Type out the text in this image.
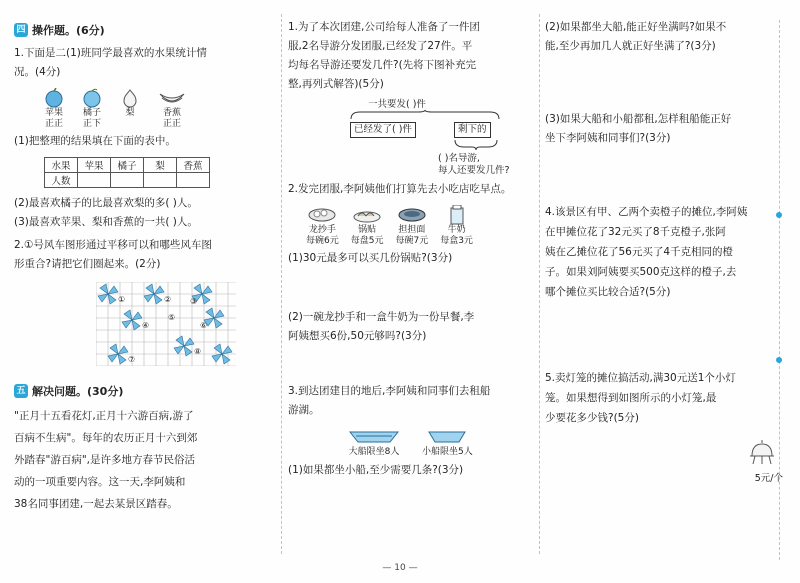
四 操作题。(6分)

1.下面是二(1)班同学最喜欢的水果统计情

况。(4分)

苹果
正正
橘子
正下
梨	香蕉
正正

(1)把整理的结果填在下面的表中。

水果	苹果	橘子	梨	香蕉
人数				

(2)最喜欢橘子的比最喜欢梨的多( )人。

(3)最喜欢苹果、梨和香蕉的一共( )人。

2.①号风车图形通过平移可以和哪些风车图

形重合?请把它们圈起来。(2分)

①	② ③
④
⑤
⑥
⑦
⑧
五 解决问题。(30分)

"正月十五看花灯,正月十六游百病,游了

百病不生病"。每年的农历正月十六到郊

外踏春"游百病",是许多地方春节民俗活

动的一项重要内容。这一天,李阿姨和

38名同事团建,一起去某景区踏春。

1.为了本次团建,公司给每人准备了一件团

服,2名导游分发团服,已经发了27件。平

均每名导游还要发几件?(先将下图补充完

整,再列式解答)(5分)

一共要发( )件
已经发了( )件	剩下的
( )名导游,
每人还要发几件?

2.发完团服,李阿姨他们打算先去小吃店吃早点。

龙抄手
每碗6元
锅贴
每盘5元
担担面
每碗7元
牛奶
每盒3元

(1)30元最多可以买几份锅贴?(3分)

(2)一碗龙抄手和一盒牛奶为一份早餐,李

阿姨想买6份,50元够吗?(3分)

3.到达团建目的地后,李阿姨和同事们去租船

游湖。

大船限坐8人	小船限坐5人

(1)如果都坐小船,至少需要几条?(3分)

(2)如果都坐大船,能正好坐满吗?如果不

能,至少再加几人就正好坐满了?(3分)

(3)如果大船和小船都租,怎样租船能正好

坐下李阿姨和同事们?(3分)

4.该景区有甲、乙两个卖橙子的摊位,李阿姨

在甲摊位花了32元买了8千克橙子,张阿

姨在乙摊位花了56元买了4千克相同的橙

子。如果刘阿姨要买500克这样的橙子,去

哪个摊位买比较合适?(5分)

5.卖灯笼的摊位搞活动,满30元送1个小灯

笼。如果想得到如图所示的小灯笼,最

少要花多少钱?(5分)

5元/个
— 10 —
